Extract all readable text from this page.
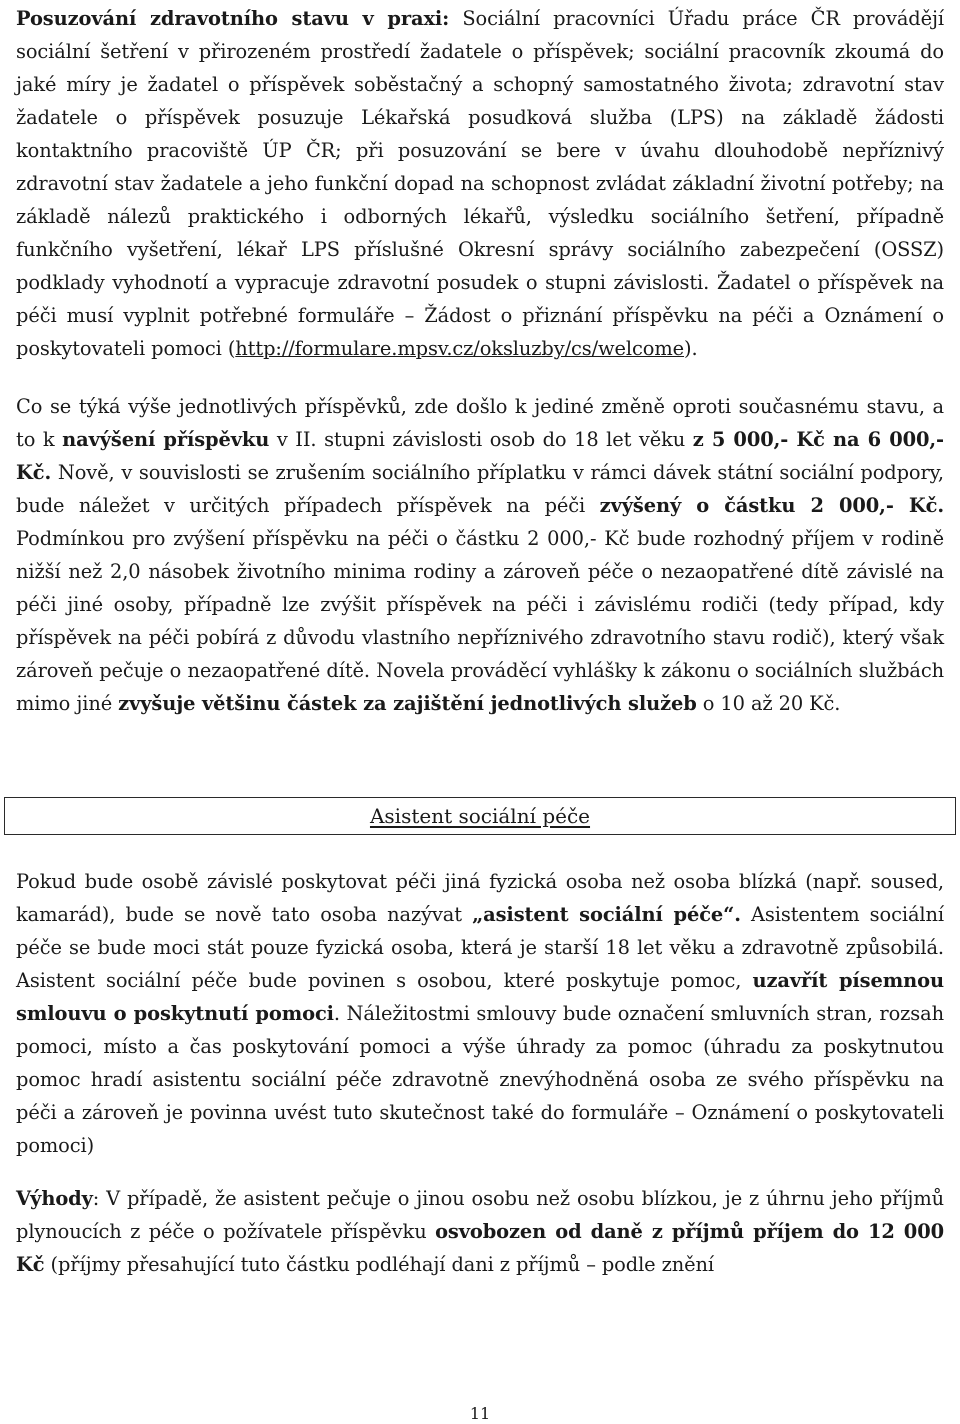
Posuzování zdravotního stavu v praxi: Sociální pracovníci Úřadu práce ČR provádějí sociální šetření v přirozeném prostředí žadatele o příspěvek; sociální pracovník zkoumá do jaké míry je žadatel o příspěvek soběstačný a schopný samostatného života; zdravotní stav žadatele o příspěvek posuzuje Lékařská posudková služba (LPS) na základě žádosti kontaktního pracoviště ÚP ČR; při posuzování se bere v úvahu dlouhodobě nepříznivý zdravotní stav žadatele a jeho funkční dopad na schopnost zvládat základní životní potřeby; na základě nálezů praktického i odborných lékařů, výsledku sociálního šetření, případně funkčního vyšetření, lékař LPS příslušné Okresní správy sociálního zabezpečení (OSSZ) podklady vyhodnotí a vypracuje zdravotní posudek o stupni závislosti. Žadatel o příspěvek na péči musí vyplnit potřebné formuláře – Žádost o přiznání příspěvku na péči a Oznámení o poskytovateli pomoci (http://formulare.mpsv.cz/oksluzby/cs/welcome).

Co se týká výše jednotlivých příspěvků, zde došlo k jediné změně oproti současnému stavu, a to k navýšení příspěvku v II. stupni závislosti osob do 18 let věku z 5 000,- Kč na 6 000,- Kč. Nově, v souvislosti se zrušením sociálního příplatku v rámci dávek státní sociální podpory, bude náležet v určitých případech příspěvek na péči zvýšený o částku 2 000,- Kč. Podmínkou pro zvýšení příspěvku na péči o částku 2 000,- Kč bude rozhodný příjem v rodině nižší než 2,0 násobek životního minima rodiny a zároveň péče o nezaopatřené dítě závislé na péči jiné osoby, případně lze zvýšit příspěvek na péči i závislému rodiči (tedy případ, kdy příspěvek na péči pobírá z důvodu vlastního nepříznivého zdravotního stavu rodič), který však zároveň pečuje o nezaopatřené dítě. Novela prováděcí vyhlášky k zákonu o sociálních službách mimo jiné zvyšuje většinu částek za zajištění jednotlivých služeb o 10 až 20 Kč.

Asistent sociální péče

Pokud bude osobě závislé poskytovat péči jiná fyzická osoba než osoba blízká (např. soused, kamarád), bude se nově tato osoba nazývat „asistent sociální péče“. Asistentem sociální péče se bude moci stát pouze fyzická osoba, která je starší 18 let věku a zdravotně způsobilá. Asistent sociální péče bude povinen s osobou, které poskytuje pomoc, uzavřít písemnou smlouvu o poskytnutí pomoci. Náležitostmi smlouvy bude označení smluvních stran, rozsah pomoci, místo a čas poskytování pomoci a výše úhrady za pomoc (úhradu za poskytnutou pomoc hradí asistentu sociální péče zdravotně znevýhodněná osoba ze svého příspěvku na péči a zároveň je povinna uvést tuto skutečnost také do formuláře – Oznámení o poskytovateli pomoci)

Výhody: V případě, že asistent pečuje o jinou osobu než osobu blízkou, je z úhrnu jeho příjmů plynoucích z péče o požívatele příspěvku osvobozen od daně z příjmů příjem do 12 000 Kč (příjmy přesahující tuto částku podléhají dani z příjmů – podle znění

11
